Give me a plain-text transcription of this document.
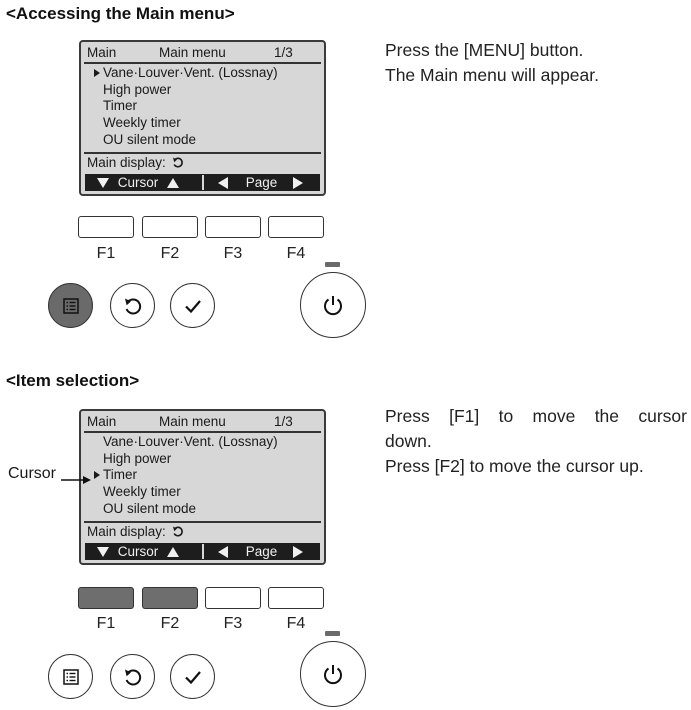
<Accessing the Main menu>
Main	Main menu	1/3
Vane·Louver·Vent. (Lossnay)
High power
Timer
Weekly timer
OU silent mode
Main display:
Cursor	Page

Press the [MENU] button.

The Main menu will appear.

F1	F2	F3	F4
<Item selection>
Main	Main menu	1/3
Vane·Louver·Vent. (Lossnay)
High power
Timer
Weekly timer
OU silent mode
Main display:
Cursor	Page
Cursor

Press [F1] to move the cursor

down.

Press [F2] to move the cursor up.

F1	F2	F3	F4
